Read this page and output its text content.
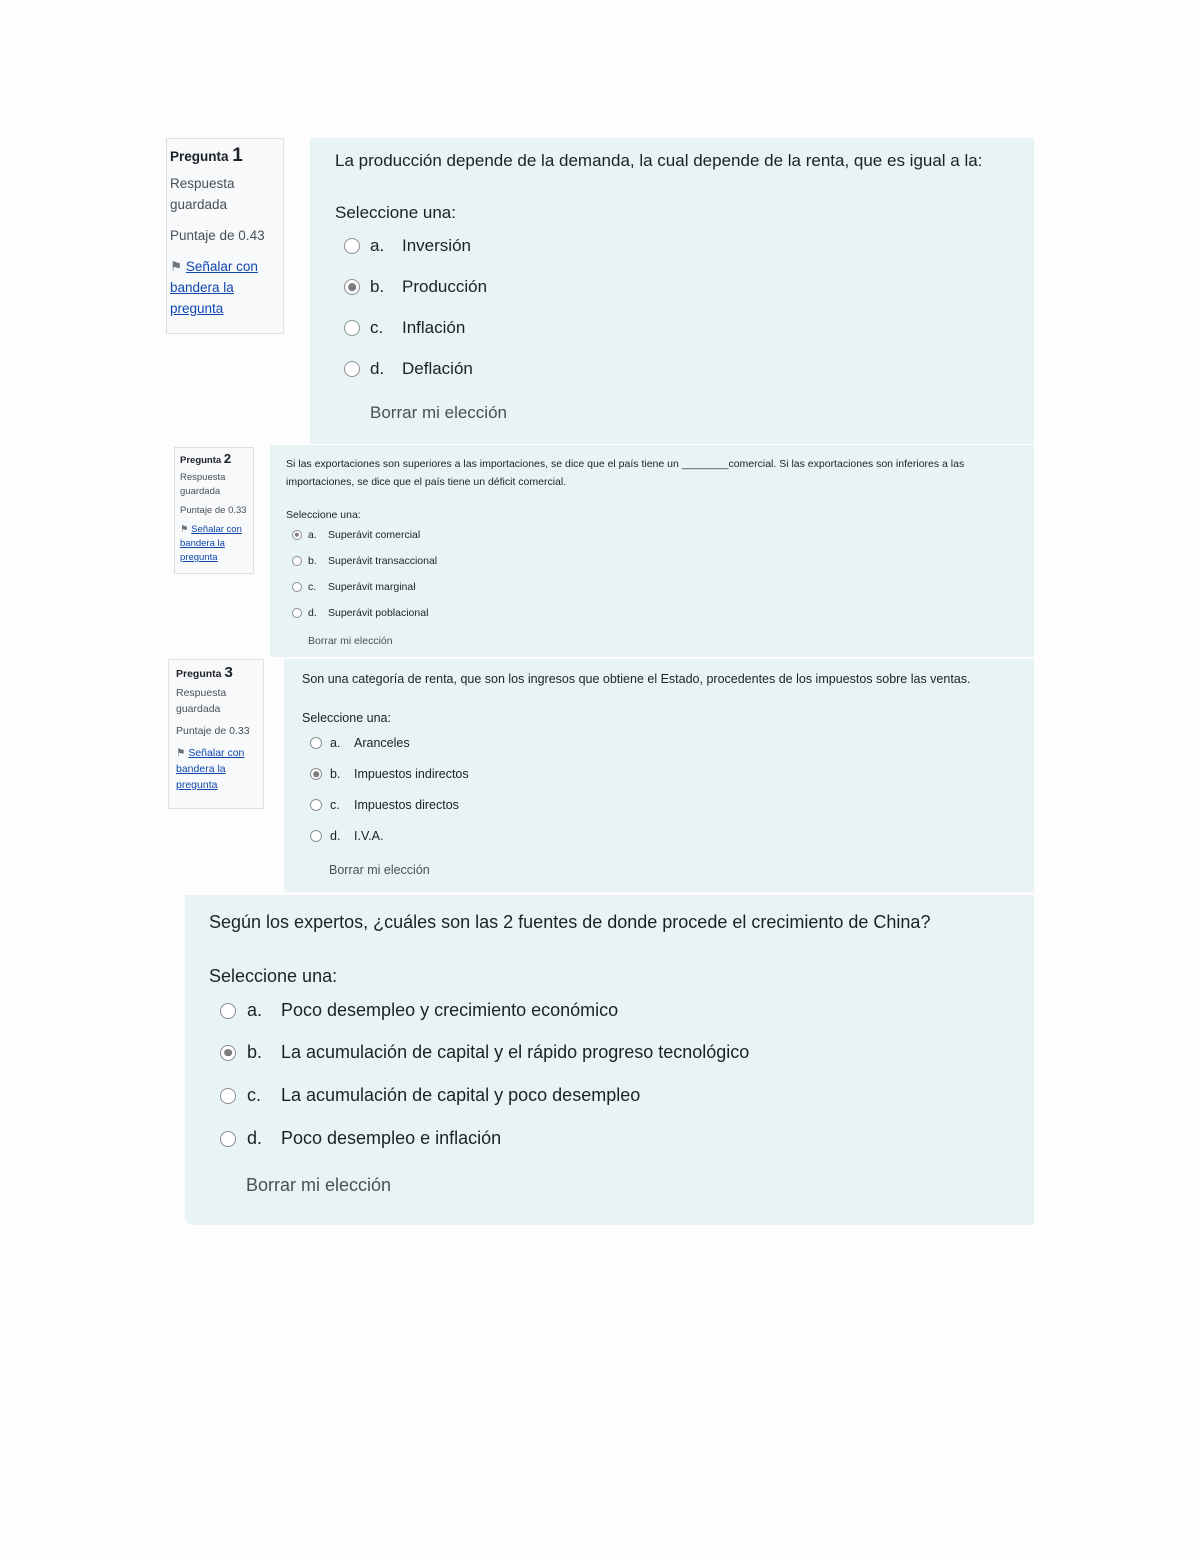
Pregunta 1
Respuesta guardada
Puntaje de 0.43
⚑ Señalar con bandera la pregunta
La producción depende de la demanda, la cual depende de la renta, que es igual a la:
Seleccione una:
a.	Inversión
b.	Producción
c.	Inflación
d.	Deflación
Borrar mi elección
Pregunta 2
Respuesta guardada
Puntaje de 0.33
⚑ Señalar con bandera la pregunta
Si las exportaciones son superiores a las importaciones, se dice que el país tiene un ________comercial. Si las exportaciones son inferiores a las importaciones, se dice que el país tiene un déficit comercial.
Seleccione una:
a.	Superávit comercial
b.	Superávit transaccional
c.	Superávit marginal
d.	Superávit poblacional
Borrar mi elección
Pregunta 3
Respuesta guardada
Puntaje de 0.33
⚑ Señalar con bandera la pregunta
Son una categoría de renta, que son los ingresos que obtiene el Estado, procedentes de los impuestos sobre las ventas.
Seleccione una:
a.	Aranceles
b.	Impuestos indirectos
c.	Impuestos directos
d.	I.V.A.
Borrar mi elección
Según los expertos, ¿cuáles son las 2 fuentes de donde procede el crecimiento de China?
Seleccione una:
a.	Poco desempleo y crecimiento económico
b.	La acumulación de capital y el rápido progreso tecnológico
c.	La acumulación de capital y poco desempleo
d.	Poco desempleo e inflación
Borrar mi elección
